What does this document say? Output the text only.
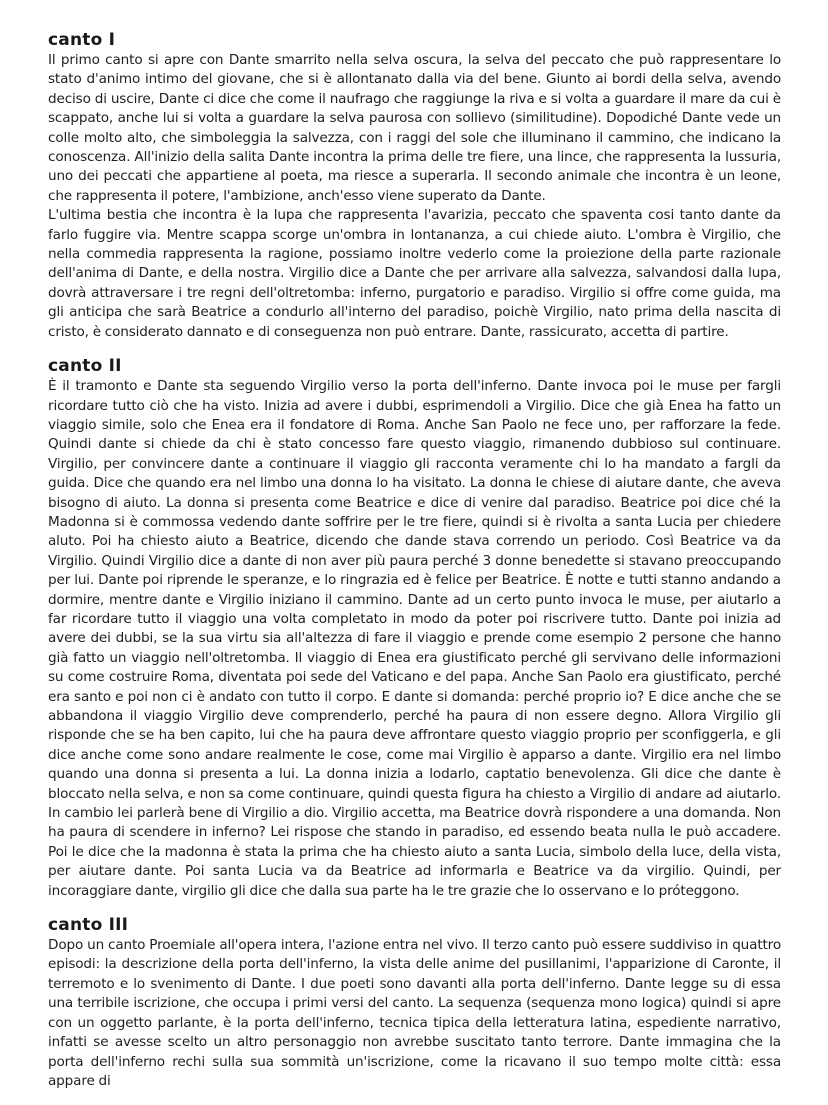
canto I

Il primo canto si apre con Dante smarrito nella selva oscura, la selva del peccato che può rappresentare lo stato d'animo intimo del giovane, che si è allontanato dalla via del bene. Giunto ai bordi della selva, avendo deciso di uscire, Dante ci dice che come il naufrago che raggiunge la riva e si volta a guardare il mare da cui è scappato, anche lui si volta a guardare la selva paurosa con sollievo (similitudine). Dopodiché Dante vede un colle molto alto, che simboleggia la salvezza, con i raggi del sole che illuminano il cammino, che indicano la conoscenza. All'inizio della salita Dante incontra la prima delle tre fiere, una lince, che rappresenta la lussuria, uno dei peccati che appartiene al poeta, ma riesce a superarla. Il secondo animale che incontra è un leone, che rappresenta il potere, l'ambizione, anch'esso viene superato da Dante.

L'ultima bestia che incontra è la lupa che rappresenta l'avarizia, peccato che spaventa cosi tanto dante da farlo fuggire via. Mentre scappa scorge un'ombra in lontananza, a cui chiede aiuto. L'ombra è Virgilio, che nella commedia rappresenta la ragione, possiamo inoltre vederlo come la proiezione della parte razionale dell'anima di Dante, e della nostra. Virgilio dice a Dante che per arrivare alla salvezza, salvandosi dalla lupa, dovrà attraversare i tre regni dell'oltretomba: inferno, purgatorio e paradiso. Virgilio si offre come guida, ma gli anticipa che sarà Beatrice a condurlo all'interno del paradiso, poichè Virgilio, nato prima della nascita di cristo, è considerato dannato e di conseguenza non può entrare. Dante, rassicurato, accetta di partire.

canto II

È il tramonto e Dante sta seguendo Virgilio verso la porta dell'inferno. Dante invoca poi le muse per fargli ricordare tutto ciò che ha visto. Inizia ad avere i dubbi, esprimendoli a Virgilio. Dice che già Enea ha fatto un viaggio simile, solo che Enea era il fondatore di Roma. Anche San Paolo ne fece uno, per rafforzare la fede. Quindi dante si chiede da chi è stato concesso fare questo viaggio, rimanendo dubbioso sul continuare. Virgilio, per convincere dante a continuare il viaggio gli racconta veramente chi lo ha mandato a fargli da guida. Dice che quando era nel limbo una donna lo ha visitato. La donna le chiese di aiutare dante, che aveva bisogno di aiuto. La donna si presenta come Beatrice e dice di venire dal paradiso. Beatrice poi dice ché la Madonna si è commossa vedendo dante soffrire per le tre fiere, quindi si è rivolta a santa Lucia per chiedere aluto. Poi ha chiesto aiuto a Beatrice, dicendo che dande stava correndo un periodo. Così Beatrice va da Virgilio. Quindi Virgilio dice a dante di non aver più paura perché 3 donne benedette si stavano preoccupando per lui. Dante poi riprende le speranze, e lo ringrazia ed è felice per Beatrice. È notte e tutti stanno andando a dormire, mentre dante e Virgilio iniziano il cammino. Dante ad un certo punto invoca le muse, per aiutarlo a far ricordare tutto il viaggio una volta completato in modo da poter poi riscrivere tutto. Dante poi inizia ad avere dei dubbi, se la sua virtu sia all'altezza di fare il viaggio e prende come esempio 2 persone che hanno già fatto un viaggio nell'oltretomba. Il viaggio di Enea era giustificato perché gli servivano delle informazioni su come costruire Roma, diventata poi sede del Vaticano e del papa. Anche San Paolo era giustificato, perché era santo e poi non ci è andato con tutto il corpo. E dante si domanda: perché proprio io? E dice anche che se abbandona il viaggio Virgilio deve comprenderlo, perché ha paura di non essere degno. Allora Virgilio gli risponde che se ha ben capito, lui che ha paura deve affrontare questo viaggio proprio per sconfiggerla, e gli dice anche come sono andare realmente le cose, come mai Virgilio è apparso a dante. Virgilio era nel limbo quando una donna si presenta a lui. La donna inizia a lodarlo, captatio benevolenza. Gli dice che dante è bloccato nella selva, e non sa come continuare, quindi questa figura ha chiesto a Virgilio di andare ad aiutarlo. In cambio lei parlerà bene di Virgilio a dio. Virgilio accetta, ma Beatrice dovrà rispondere a una domanda. Non ha paura di scendere in inferno? Lei rispose che stando in paradiso, ed essendo beata nulla le può accadere. Poi le dice che la madonna è stata la prima che ha chiesto aiuto a santa Lucia, simbolo della luce, della vista, per aiutare dante. Poi santa Lucia va da Beatrice ad informarla e Beatrice va da virgilio. Quindi, per incoraggiare dante, virgilio gli dice che dalla sua parte ha le tre grazie che lo osservano e lo próteggono.

canto III

Dopo un canto Proemiale all'opera intera, l'azione entra nel vivo. Il terzo canto può essere suddiviso in quattro episodi: la descrizione della porta dell'inferno, la vista delle anime del pusillanimi, l'apparizione di Caronte, il terremoto e lo svenimento di Dante. I due poeti sono davanti alla porta dell'inferno. Dante legge su di essa una terribile iscrizione, che occupa i primi versi del canto. La sequenza (sequenza mono logica) quindi si apre con un oggetto parlante, è la porta dell'inferno, tecnica tipica della letteratura latina, espediente narrativo, infatti se avesse scelto un altro personaggio non avrebbe suscitato tanto terrore. Dante immagina che la porta dell'inferno rechi sulla sua sommità un'iscrizione, come la ricavano il suo tempo molte città: essa appare di
